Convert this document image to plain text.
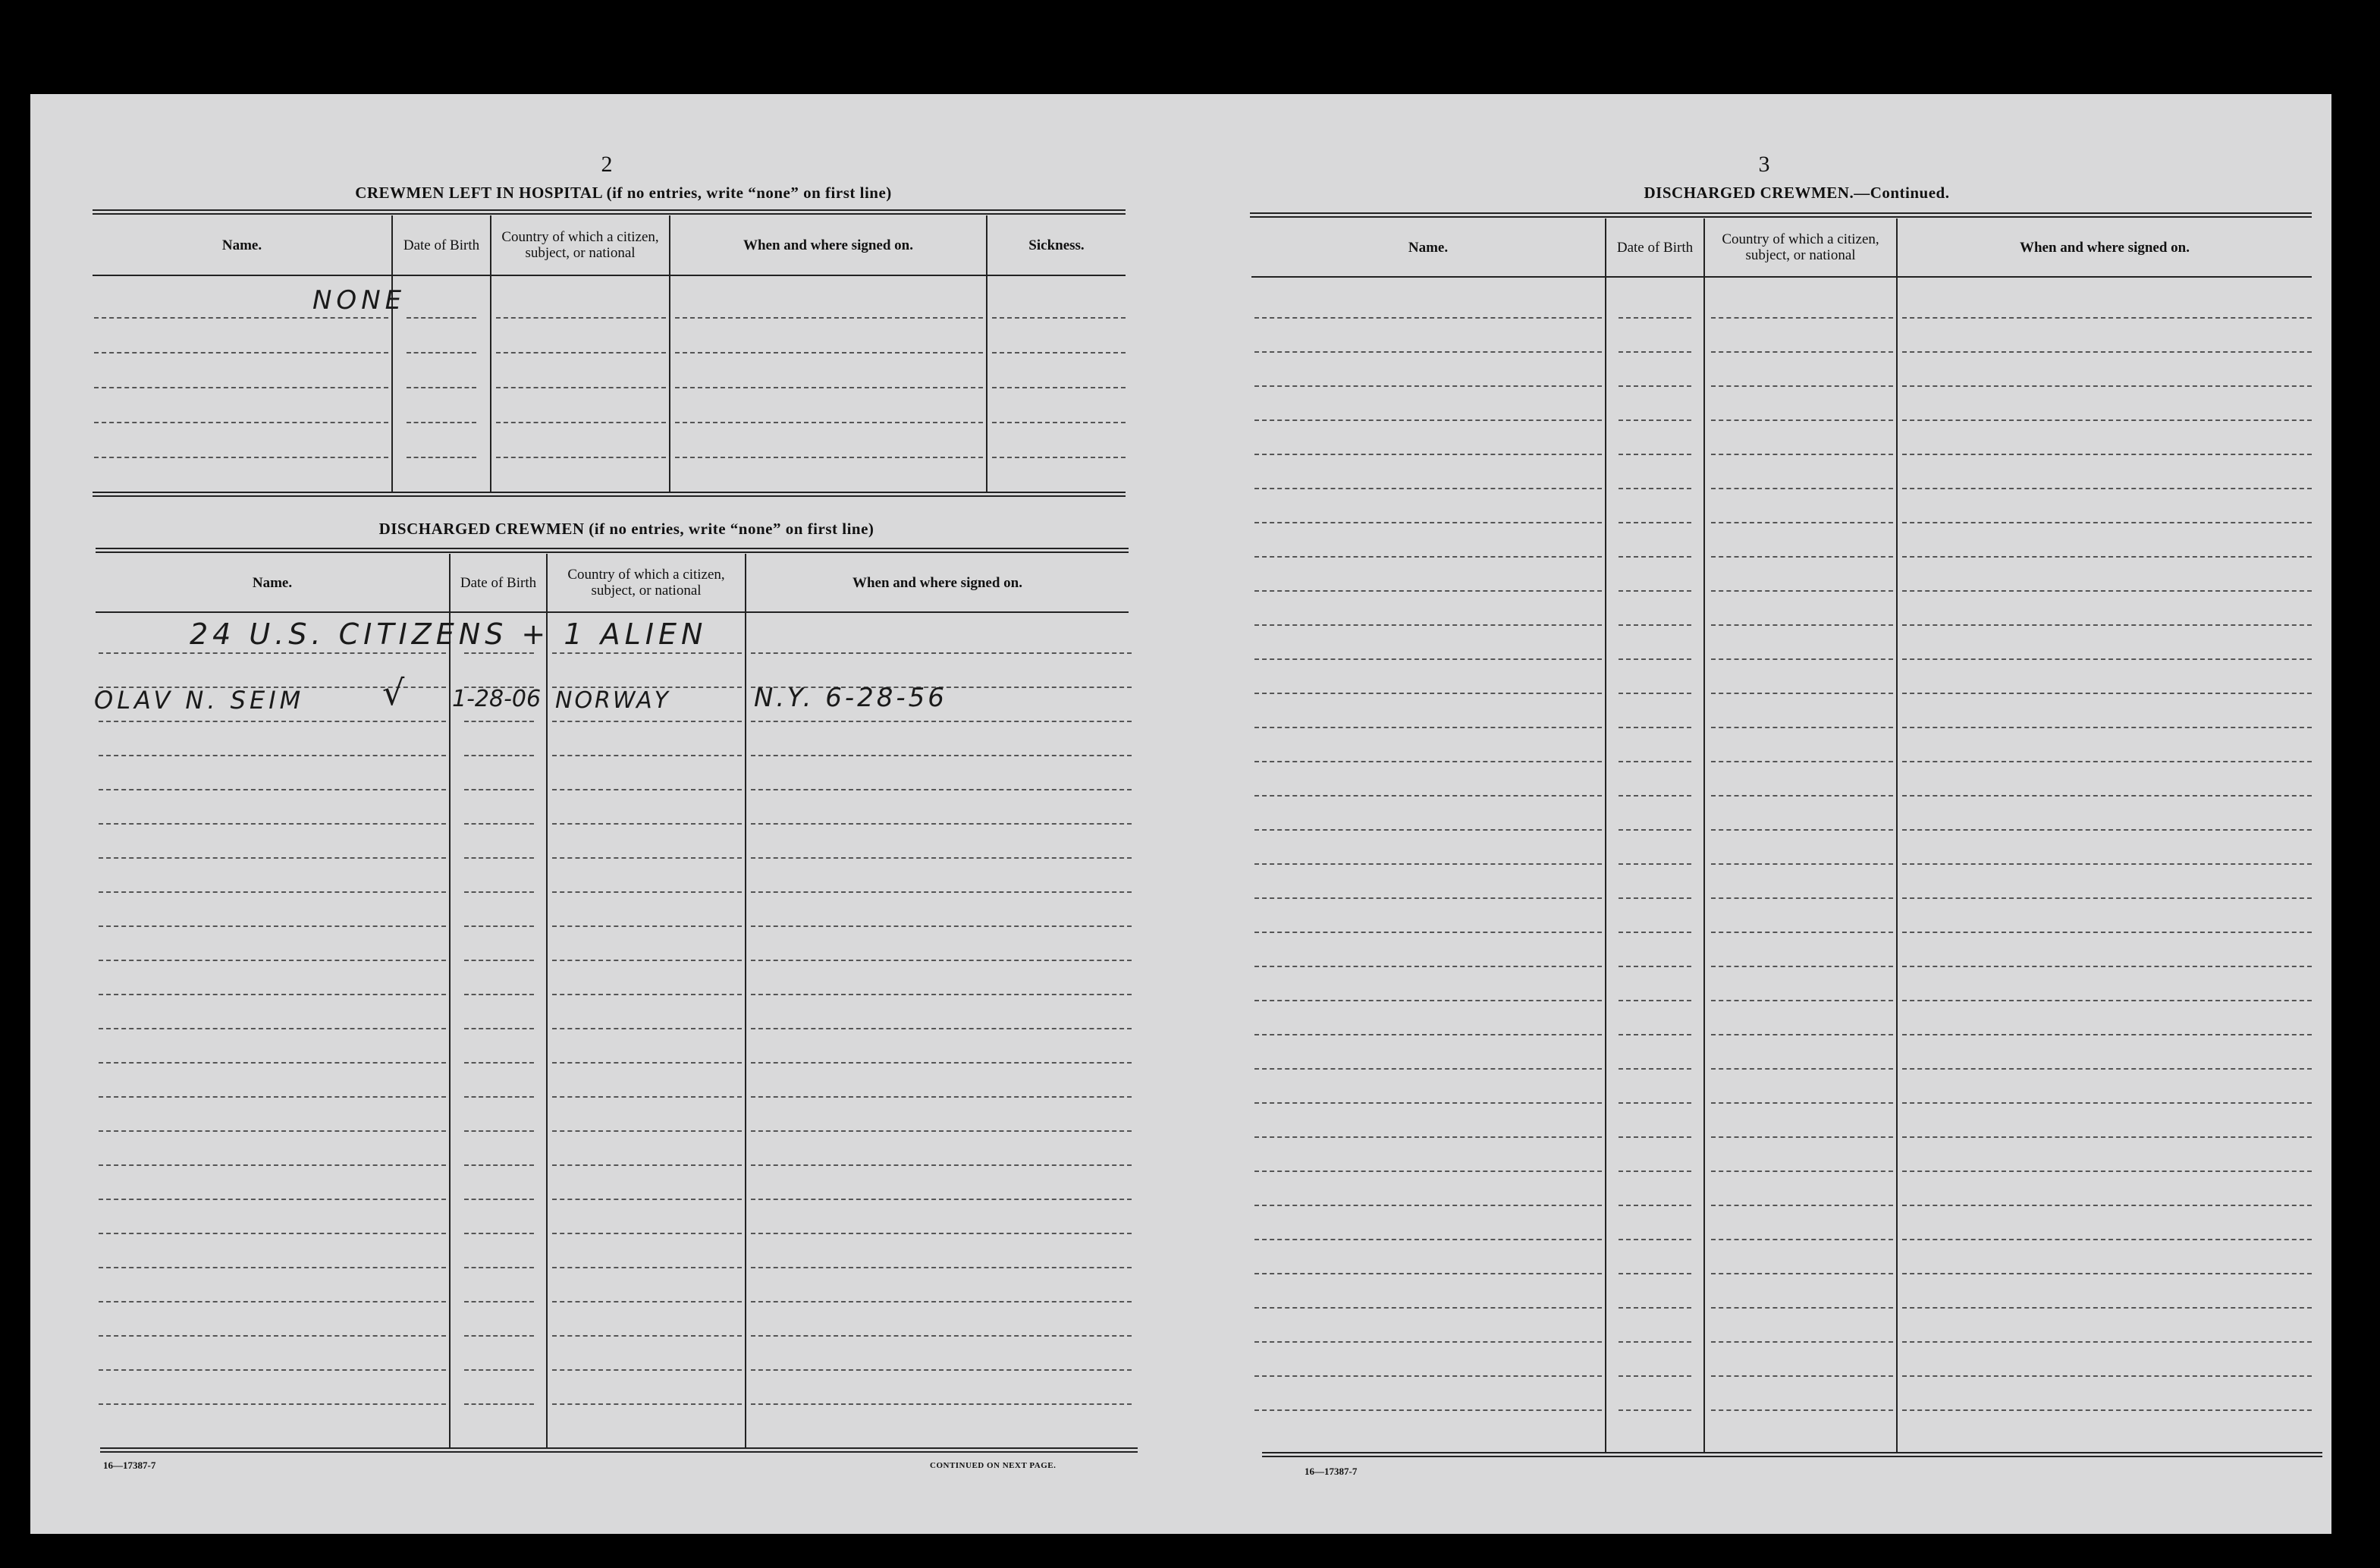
2
CREWMEN LEFT IN HOSPITAL (if no entries, write “none” on first line)
Name.	Date of Birth	Country of which a citizen, subject, or national	When and where signed on.	Sickness.
NONE
DISCHARGED CREWMEN (if no entries, write “none” on first line)
Name.	Date of Birth	Country of which a citizen, subject, or national	When and where signed on.
24 U.S. CITIZENS + 1 ALIEN
OLAV N. SEIM √ 1-28-06 NORWAY	N.Y. 6-28-56
16—17387-7	CONTINUED ON NEXT PAGE.
3
DISCHARGED CREWMEN.—Continued.
Name.	Date of Birth	Country of which a citizen, subject, or national	When and where signed on.
16—17387-7
